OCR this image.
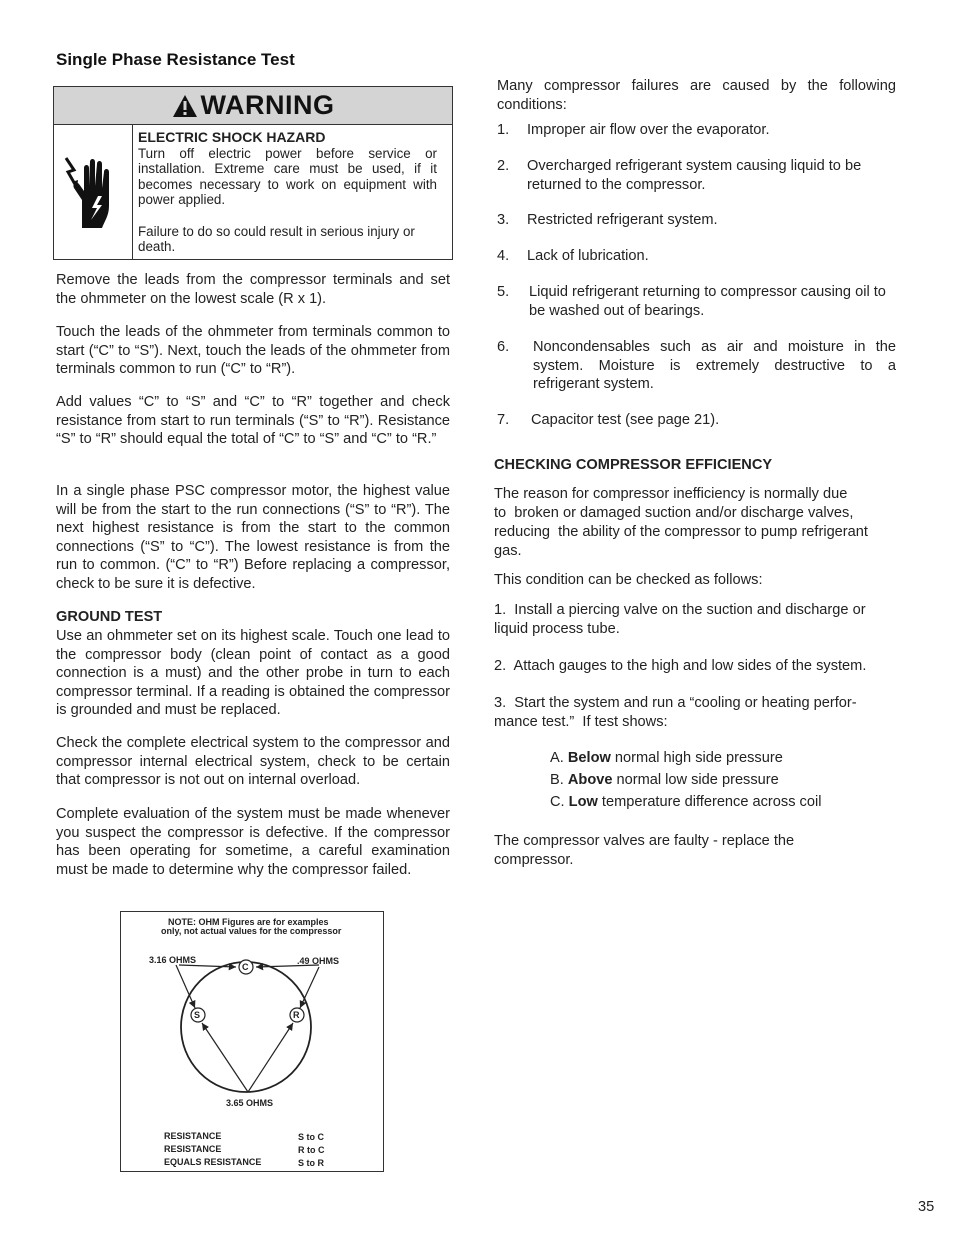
Single Phase Resistance Test
WARNING
ELECTRIC SHOCK HAZARD

Turn off electric power before service or installation. Extreme care must be used, if it becomes necessary to work on equipment with power applied.

Failure to do so could result in serious injury or death.

Remove the leads from the compressor terminals and set the ohmmeter on the lowest scale (R x 1).

Touch the leads of the ohmmeter from terminals common to start (“C” to “S”). Next, touch the leads of the ohmmeter from terminals common to run (“C” to “R”).

Add values “C” to “S” and “C” to “R” together and check resistance from start to run terminals (“S” to “R”). Resistance “S” to “R” should equal the total of “C” to “S” and “C” to “R.”

In a single phase PSC compressor motor, the highest value will be from the start to the run connections (“S” to “R”). The next highest resistance is from the start to the common connections (“S” to “C”). The lowest resistance is from the run to common. (“C” to “R”) Before replacing a compressor, check to be sure it is defective.

GROUND TEST

Use an ohmmeter set on its highest scale. Touch one lead to the compressor body (clean point of contact as a good connection is a must) and the other probe in turn to each compressor terminal. If a reading is obtained the compressor is grounded and must be replaced.

Check the complete electrical system to the compressor and compressor internal electrical system, check to be certain that compressor is not out on internal overload.

Complete evaluation of the system must be made whenever you suspect the compressor is defective. If the compressor has been operating for sometime, a careful examination must be made to determine why the compressor failed.

NOTE: OHM Figures are for examples
only, not actual values for the compressor
3.16 OHMS	.49 OHMS
C
S	R
3.65 OHMS
RESISTANCE	S to C
RESISTANCE	R to C
EQUALS RESISTANCE	S to R

Many compressor failures are caused by the following conditions:

1. Improper air flow over the evaporator.
2. Overcharged refrigerant system causing liquid to be returned to the compressor.
3. Restricted refrigerant system.
4. Lack of lubrication.
5. Liquid refrigerant returning to compressor causing oil to be washed out of bearings.
6. Noncondensables such as air and moisture in the system. Moisture is extremely destructive to a refrigerant system.
7. Capacitor test (see page 21).

CHECKING COMPRESSOR EFFICIENCY

The reason for compressor inefficiency is normally due

to  broken or damaged suction and/or discharge valves,

reducing  the ability of the compressor to pump refrigerant

gas.

This condition can be checked as follows:

1.  Install a piercing valve on the suction and discharge or

liquid process tube.

2.  Attach gauges to the high and low sides of the system.

3.  Start the system and run a “cooling or heating perfor-

mance test.”  If test shows:

A. Below normal high side pressure
B. Above normal low side pressure
C. Low temperature difference across coil

The compressor valves are faulty - replace the

compressor.

35
